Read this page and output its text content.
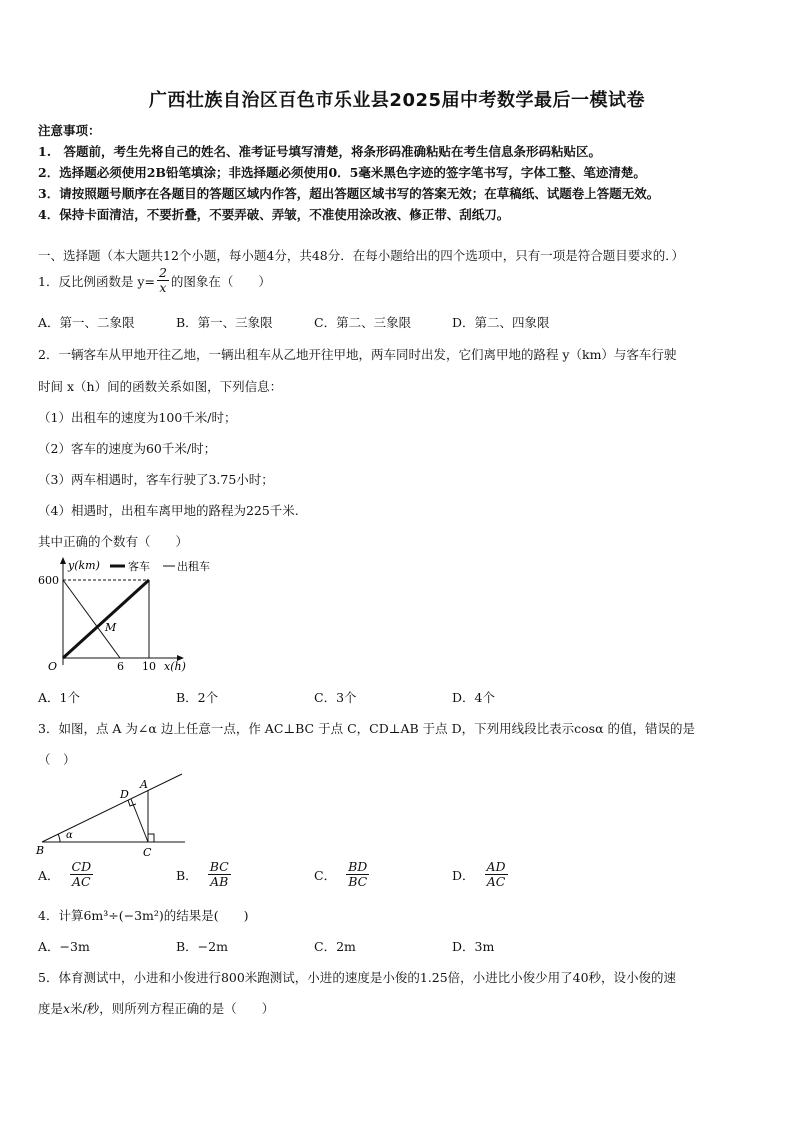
广西壮族自治区百色市乐业县2025届中考数学最后一模试卷
注意事项：
1.　答题前，考生先将自己的姓名、准考证号填写清楚，将条形码准确粘贴在考生信息条形码粘贴区。
2．选择题必须使用2B铅笔填涂；非选择题必须使用0．5毫米黑色字迹的签字笔书写，字体工整、笔迹清楚。
3．请按照题号顺序在各题目的答题区域内作答，超出答题区域书写的答案无效；在草稿纸、试题卷上答题无效。
4．保持卡面清洁，不要折叠，不要弄破、弄皱，不准使用涂改液、修正带、刮纸刀。
一、选择题（本大题共12个小题，每小题4分，共48分．在每小题给出的四个选项中，只有一项是符合题目要求的．）
1．反比例函数是 $y= \frac{2}{x}$ 的图象在（　　）
A．第一、二象限	B．第一、三象限	C．第二、三象限	D．第二、四象限
2．一辆客车从甲地开往乙地，一辆出租车从乙地开往甲地，两车同时出发，它们离甲地的路程 y（km）与客车行驶
时间 x（h）间的函数关系如图，下列信息：
（1）出租车的速度为100千米/时；
（2）客车的速度为60千米/时；
（3）两车相遇时，客车行驶了3.75小时；
（4）相遇时，出租车离甲地的路程为225千米.
其中正确的个数有（　　）
y(km)	客车 出租车
600
O	6 10 x(h)
M
A．1个	B．2个	C．3个	D．4个
3．如图，点 A 为∠α 边上任意一点，作 AC⊥BC 于点 C，CD⊥AB 于点 D，下列用线段比表示cosα 的值，错误的是
（　）
α
B	C
D
A
A． $\frac{CD}{AC}$	B． $\frac{BC}{AB}$	C． $\frac{BD}{BC}$	D． $\frac{AD}{AC}$
4．计算6m³÷(−3m²)的结果是(　　)
A．−3m	B．−2m	C．2m	D．3m
5．体育测试中，小进和小俊进行800米跑测试，小进的速度是小俊的1.25倍，小进比小俊少用了40秒，设小俊的速
度是x米/秒，则所列方程正确的是（　　）
